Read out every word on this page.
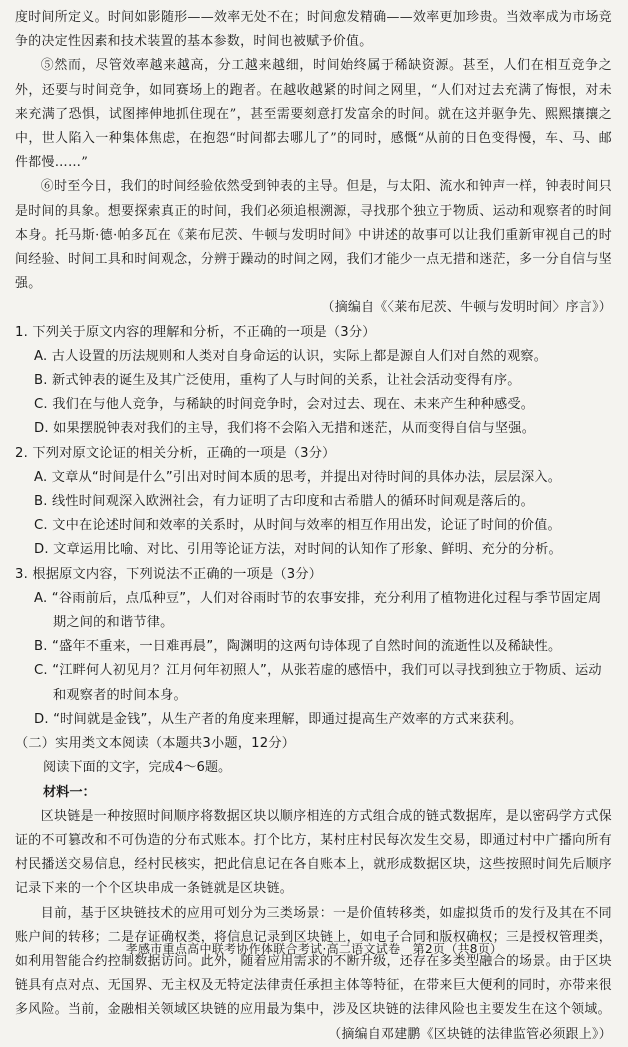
度时间所定义。时间如影随形——效率无处不在；时间愈发精确——效率更加珍贵。当效率成为市场竞争的决定性因素和技术装置的基本参数，时间也被赋予价值。

⑤然而，尽管效率越来越高，分工越来越细，时间始终属于稀缺资源。甚至，人们在相互竞争之外，还要与时间竞争，如同赛场上的跑者。在越收越紧的时间之网里，“人们对过去充满了悔恨，对未来充满了恐惧，试图摔伸地抓住现在”，甚至需要刻意打发富余的时间。就在这并驱争先、熙熙攘攘之中，世人陷入一种集体焦虑，在抱怨“时间都去哪儿了”的同时，感慨“从前的日色变得慢，车、马、邮件都慢……”

⑥时至今日，我们的时间经验依然受到钟表的主导。但是，与太阳、流水和钟声一样，钟表时间只是时间的具象。想要探索真正的时间，我们必须追根溯源，寻找那个独立于物质、运动和观察者的时间本身。托马斯·德·帕多瓦在《莱布尼茨、牛顿与发明时间》中讲述的故事可以让我们重新审视自己的时间经验、时间工具和时间观念，分辨于躁动的时间之网，我们才能少一点无措和迷茫，多一分自信与坚强。

（摘编自《〈莱布尼茨、牛顿与发明时间〉序言》）

1. 下列关于原文内容的理解和分析，不正确的一项是（3分）

A. 古人设置的历法规则和人类对自身命运的认识，实际上都是源自人们对自然的观察。

B. 新式钟表的诞生及其广泛使用，重构了人与时间的关系，让社会活动变得有序。

C. 我们在与他人竞争，与稀缺的时间竞争时，会对过去、现在、未来产生种种感受。

D. 如果摆脱钟表对我们的主导，我们将不会陷入无措和迷茫，从而变得自信与坚强。

2. 下列对原文论证的相关分析，正确的一项是（3分）

A. 文章从“时间是什么”引出对时间本质的思考，并提出对待时间的具体办法，层层深入。

B. 线性时间观深入欧洲社会，有力证明了古印度和古希腊人的循环时间观是落后的。

C. 文中在论述时间和效率的关系时，从时间与效率的相互作用出发，论证了时间的价值。

D. 文章运用比喻、对比、引用等论证方法，对时间的认知作了形象、鲜明、充分的分析。

3. 根据原文内容，下列说法不正确的一项是（3分）

A. “谷雨前后，点瓜种豆”，人们对谷雨时节的农事安排，充分利用了植物进化过程与季节固定周期之间的和谐节律。

B. “盛年不重来，一日难再晨”，陶渊明的这两句诗体现了自然时间的流逝性以及稀缺性。

C. “江畔何人初见月？江月何年初照人”，从张若虚的感悟中，我们可以寻找到独立于物质、运动和观察者的时间本身。

D. “时间就是金钱”，从生产者的角度来理解，即通过提高生产效率的方式来获利。

（二）实用类文本阅读（本题共3小题，12分）

阅读下面的文字，完成4～6题。

材料一：

区块链是一种按照时间顺序将数据区块以顺序相连的方式组合成的链式数据库，是以密码学方式保证的不可篡改和不可伪造的分布式账本。打个比方，某村庄村民每次发生交易，即通过村中广播向所有村民播送交易信息，经村民核实，把此信息记在各自账本上，就形成数据区块，这些按照时间先后顺序记录下来的一个个区块串成一条链就是区块链。

目前，基于区块链技术的应用可划分为三类场景：一是价值转移类，如虚拟货币的发行及其在不同账户间的转移；二是存证确权类，将信息记录到区块链上，如电子合同和版权确权；三是授权管理类，如利用智能合约控制数据访问。此外，随着应用需求的不断升级，还存在多类型融合的场景。由于区块链具有点对点、无国界、无主权及无特定法律责任承担主体等特征，在带来巨大便利的同时，亦带来很多风险。当前，金融相关领域区块链的应用最为集中，涉及区块链的法律风险也主要发生在这个领域。

（摘编自邓建鹏《区块链的法律监管必须跟上》）

孝感市重点高中联考协作体联合考试·高二语文试卷　第2页（共8页）
